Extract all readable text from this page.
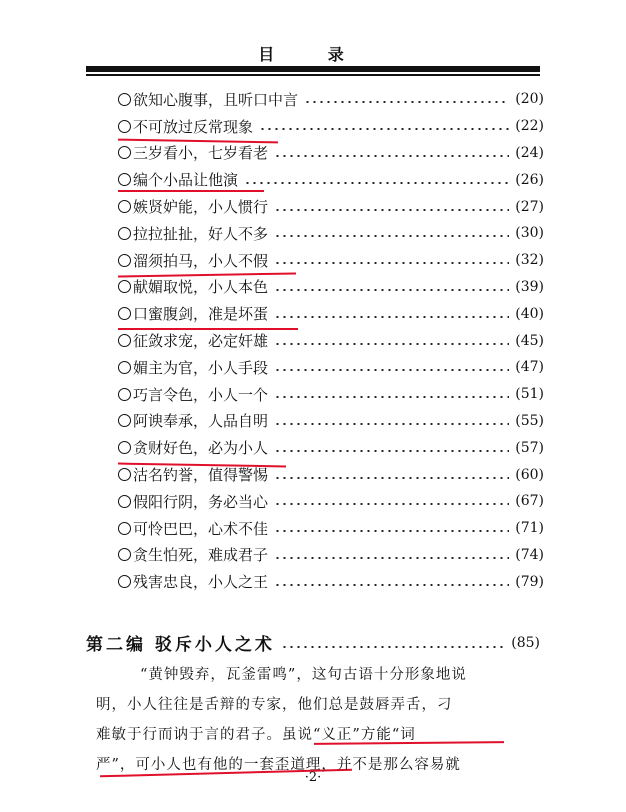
目 录
欲知心腹事，且听口中言	(20)
不可放过反常现象	(22)
三岁看小，七岁看老	(24)
编个小品让他演	(26)
嫉贤妒能，小人惯行	(27)
拉拉扯扯，好人不多	(30)
溜须拍马，小人不假	(32)
献媚取悦，小人本色	(39)
口蜜腹剑，准是坏蛋	(40)
征敛求宠，必定奸雄	(45)
媚主为官，小人手段	(47)
巧言令色，小人一个	(51)
阿谀奉承，人品自明	(55)
贪财好色，必为小人	(57)
沽名钓誉，值得警惕	(60)
假阳行阴，务必当心	(67)
可怜巴巴，心术不佳	(71)
贪生怕死，难成君子	(74)
残害忠良，小人之王	(79)
第二编 驳斥小人之术	(85)
“黄钟毁弃，瓦釜雷鸣”，这句古语十分形象地说
明，小人往往是舌辩的专家，他们总是鼓唇弄舌，刁
难敏于行而讷于言的君子。虽说“义正”方能“词
严”，可小人也有他的一套歪道理，并不是那么容易就
·2·
